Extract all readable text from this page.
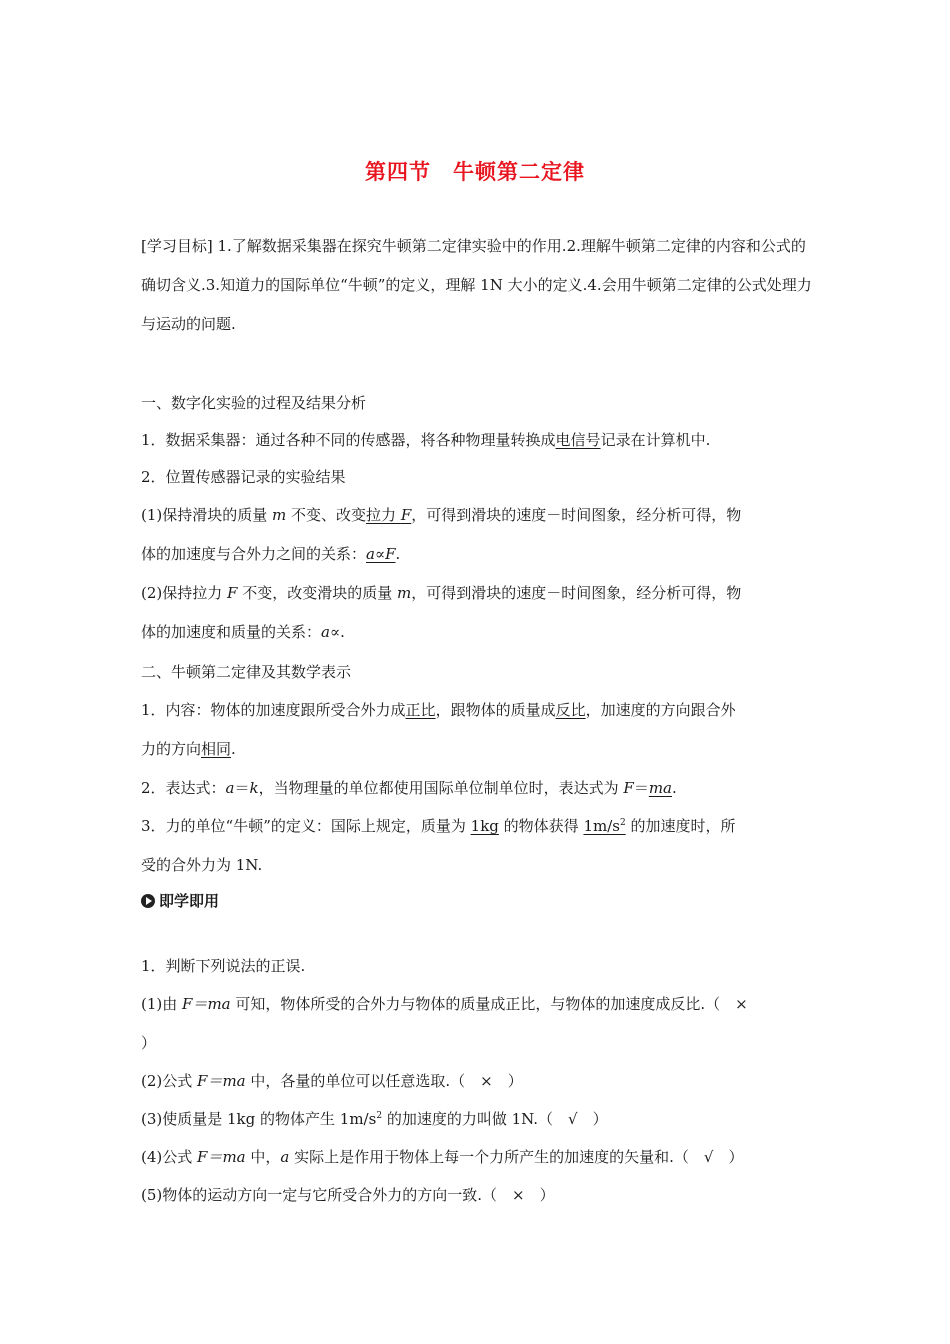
第四节　牛顿第二定律
[学习目标] 1.了解数据采集器在探究牛顿第二定律实验中的作用.2.理解牛顿第二定律的内容和公式的确切含义.3.知道力的国际单位“牛顿”的定义，理解 1N 大小的定义.4.会用牛顿第二定律的公式处理力与运动的问题.
一、数字化实验的过程及结果分析
1．数据采集器：通过各种不同的传感器，将各种物理量转换成电信号记录在计算机中.
2．位置传感器记录的实验结果
(1)保持滑块的质量 m 不变、改变拉力 F，可得到滑块的速度－时间图象，经分析可得，物
体的加速度与合外力之间的关系：a∝F.
(2)保持拉力 F 不变，改变滑块的质量 m，可得到滑块的速度－时间图象，经分析可得，物
体的加速度和质量的关系：a∝.
二、牛顿第二定律及其数学表示
1．内容：物体的加速度跟所受合外力成正比，跟物体的质量成反比，加速度的方向跟合外
力的方向相同.
2．表达式：a＝k，当物理量的单位都使用国际单位制单位时，表达式为 F＝ma.
3．力的单位“牛顿”的定义：国际上规定，质量为 1kg 的物体获得 $1m/s^2$ 的加速度时，所
受的合外力为 1N.
即学即用
1．判断下列说法的正误.
(1)由 F＝ma 可知，物体所受的合外力与物体的质量成正比，与物体的加速度成反比.（　×
）
(2)公式 F＝ma 中，各量的单位可以任意选取.（　×　）
(3)使质量是 1kg 的物体产生 $1m/s^2$ 的加速度的力叫做 1N.（　√　）
(4)公式 F＝ma 中，a 实际上是作用于物体上每一个力所产生的加速度的矢量和.（　√　）
(5)物体的运动方向一定与它所受合外力的方向一致.（　×　）
